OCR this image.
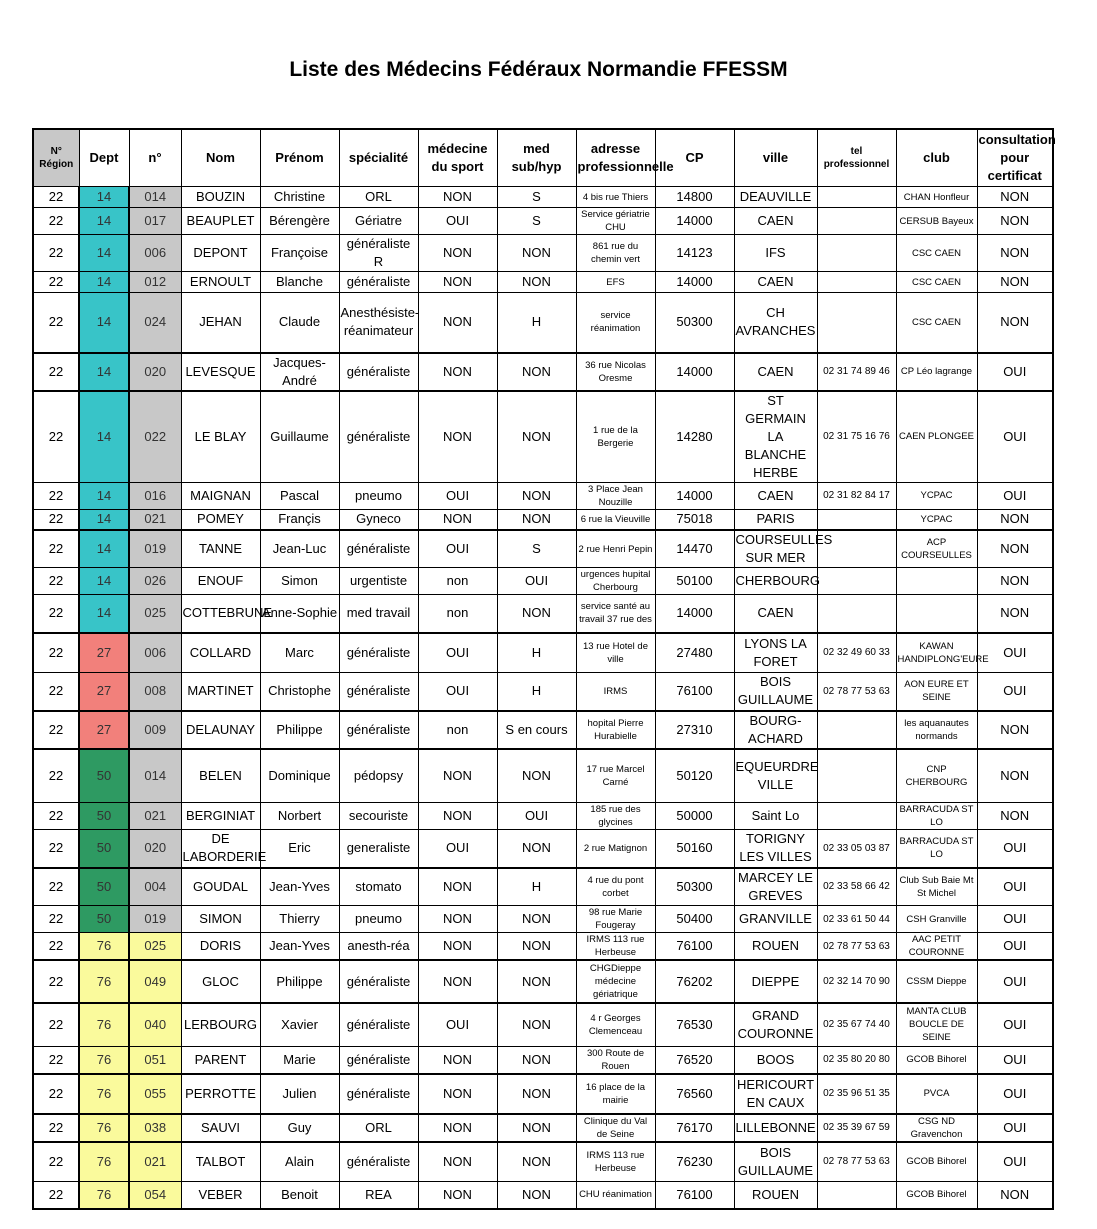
Liste des Médecins Fédéraux Normandie FFESSM
N° Région	Dept	n°	Nom	Prénom	spécialité	médecine du sport	med sub/hyp	adresse professionnelle	CP	ville	tel professionnel	club	consultation pour certificat
22	14	014	BOUZIN	Christine	ORL	NON	S	4 bis rue Thiers	14800	DEAUVILLE		CHAN Honfleur	NON
22	14	017	BEAUPLET	Bérengère	Gériatre	OUI	S	Service gériatrie CHU	14000	CAEN		CERSUB Bayeux	NON
22	14	006	DEPONT	Françoise	généraliste R	NON	NON	861 rue du chemin vert	14123	IFS		CSC CAEN	NON
22	14	012	ERNOULT	Blanche	généraliste	NON	NON	EFS	14000	CAEN		CSC CAEN	NON
22	14	024	JEHAN	Claude	Anesthésiste-réanimateur	NON	H	service réanimation	50300	CH AVRANCHES		CSC CAEN	NON
22	14	020	LEVESQUE	Jacques-André	généraliste	NON	NON	36 rue Nicolas Oresme	14000	CAEN	02 31 74 89 46	CP Léo lagrange	OUI
22	14	022	LE BLAY	Guillaume	généraliste	NON	NON	1 rue de la Bergerie	14280	ST GERMAIN LA BLANCHE HERBE	02 31 75 16 76	CAEN PLONGEE	OUI
22	14	016	MAIGNAN	Pascal	pneumo	OUI	NON	3 Place Jean Nouzille	14000	CAEN	02 31 82 84 17	YCPAC	OUI
22	14	021	POMEY	Françis	Gyneco	NON	NON	6 rue la Vieuville	75018	PARIS		YCPAC	NON
22	14	019	TANNE	Jean-Luc	généraliste	OUI	S	2 rue Henri Pepin	14470	COURSEULLES SUR MER		ACP COURSEULLES	NON
22	14	026	ENOUF	Simon	urgentiste	non	OUI	urgences hupital Cherbourg	50100	CHERBOURG			NON
22	14	025	COTTEBRUNE	Anne-Sophie	med travail	non	NON	service santé au travail 37 rue des	14000	CAEN			NON
22	27	006	COLLARD	Marc	généraliste	OUI	H	13 rue Hotel de ville	27480	LYONS LA FORET	02 32 49 60 33	KAWAN HANDIPLONG'EURE	OUI
22	27	008	MARTINET	Christophe	généraliste	OUI	H	IRMS	76100	BOIS GUILLAUME	02 78 77 53 63	AON EURE ET SEINE	OUI
22	27	009	DELAUNAY	Philippe	généraliste	non	S en cours	hopital Pierre Hurabielle	27310	BOURG-ACHARD		les aquanautes normands	NON
22	50	014	BELEN	Dominique	pédopsy	NON	NON	17 rue Marcel Carné	50120	EQUEURDRE VILLE		CNP CHERBOURG	NON
22	50	021	BERGINIAT	Norbert	secouriste	NON	OUI	185 rue des glycines	50000	Saint Lo		BARRACUDA ST LO	NON
22	50	020	DE LABORDERIE	Eric	generaliste	OUI	NON	2 rue Matignon	50160	TORIGNY LES VILLES	02 33 05 03 87	BARRACUDA ST LO	OUI
22	50	004	GOUDAL	Jean-Yves	stomato	NON	H	4 rue du pont corbet	50300	MARCEY LE GREVES	02 33 58 66 42	Club Sub Baie Mt St Michel	OUI
22	50	019	SIMON	Thierry	pneumo	NON	NON	98 rue Marie Fougeray	50400	GRANVILLE	02 33 61 50 44	CSH Granville	OUI
22	76	025	DORIS	Jean-Yves	anesth-réa	NON	NON	IRMS 113 rue Herbeuse	76100	ROUEN	02 78 77 53 63	AAC PETIT COURONNE	OUI
22	76	049	GLOC	Philippe	généraliste	NON	NON	CHGDieppe médecine gériatrique	76202	DIEPPE	02 32 14 70 90	CSSM Dieppe	OUI
22	76	040	LERBOURG	Xavier	généraliste	OUI	NON	4 r Georges Clemenceau	76530	GRAND COURONNE	02 35 67 74 40	MANTA CLUB BOUCLE DE SEINE	OUI
22	76	051	PARENT	Marie	généraliste	NON	NON	300 Route de Rouen	76520	BOOS	02 35 80 20 80	GCOB Bihorel	OUI
22	76	055	PERROTTE	Julien	généraliste	NON	NON	16 place de la mairie	76560	HERICOURT EN CAUX	02 35 96 51 35	PVCA	OUI
22	76	038	SAUVI	Guy	ORL	NON	NON	Clinique du Val de Seine	76170	LILLEBONNE	02 35 39 67 59	CSG ND Gravenchon	OUI
22	76	021	TALBOT	Alain	généraliste	NON	NON	IRMS 113 rue Herbeuse	76230	BOIS GUILLAUME	02 78 77 53 63	GCOB Bihorel	OUI
22	76	054	VEBER	Benoit	REA	NON	NON	CHU réanimation	76100	ROUEN		GCOB Bihorel	NON
